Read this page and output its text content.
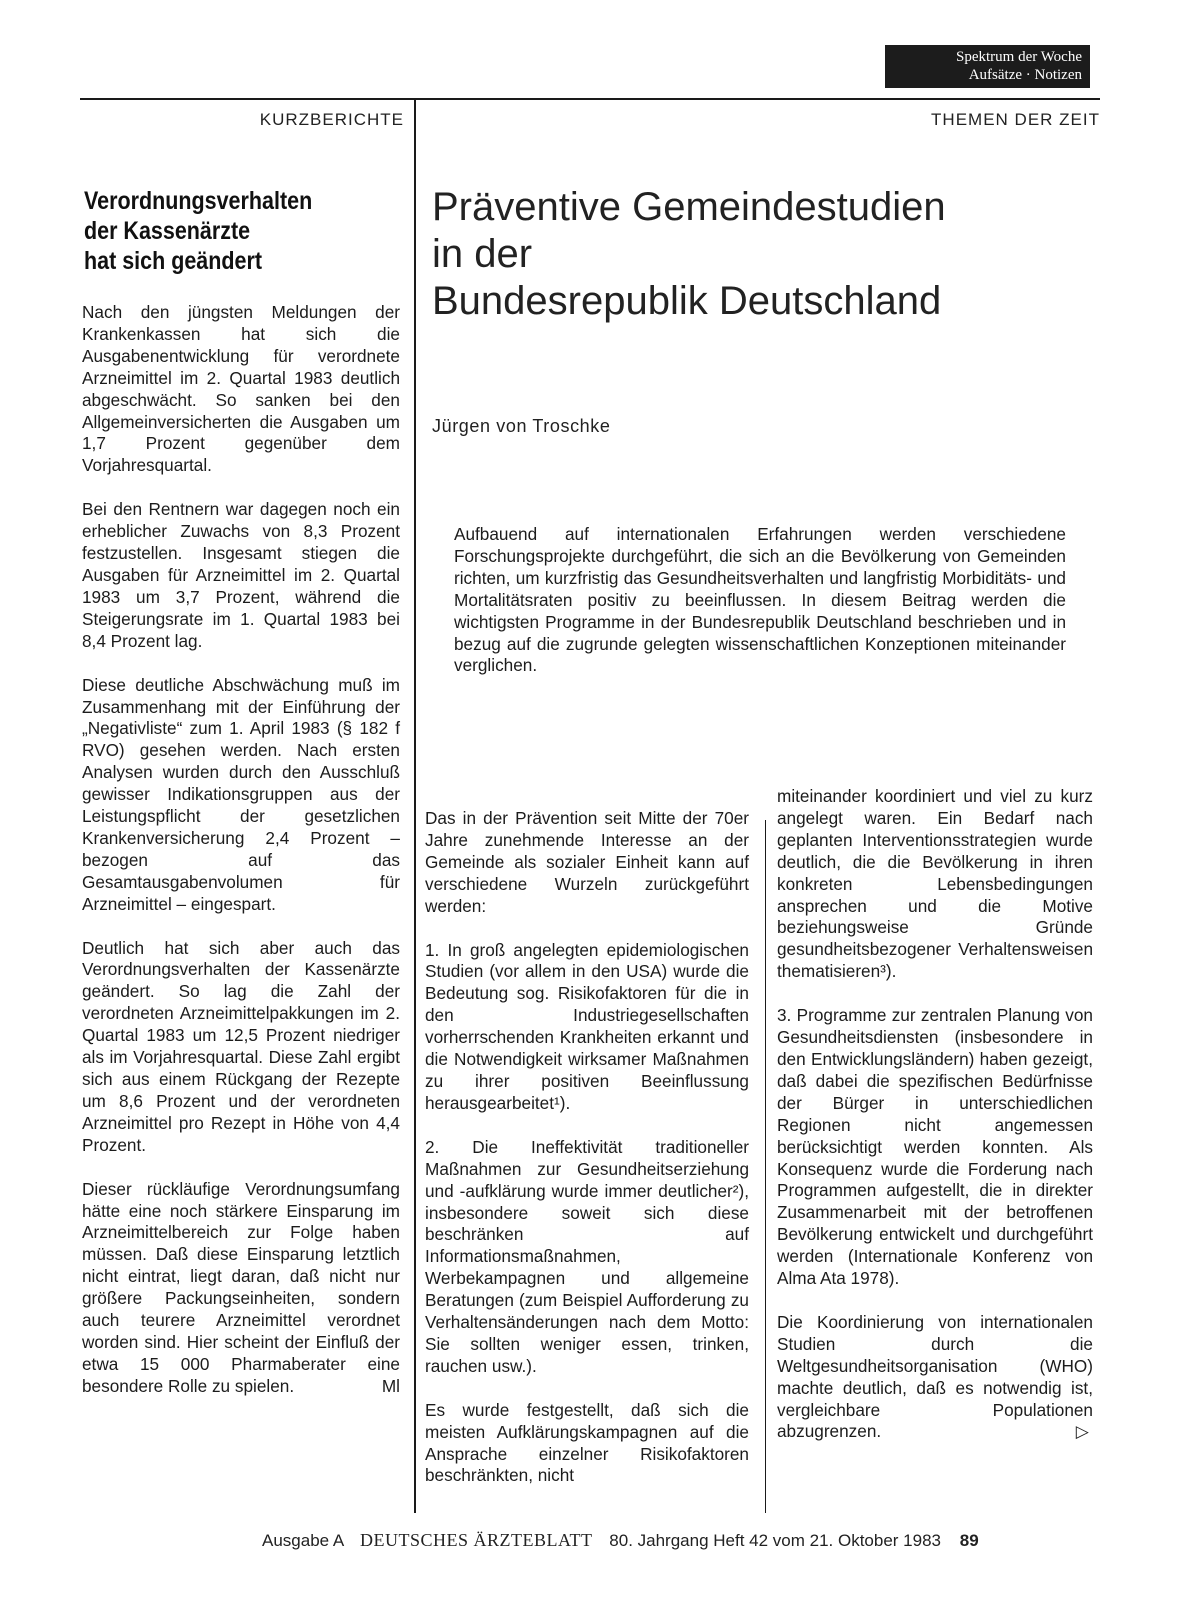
Spektrum der Woche
Aufsätze · Notizen
KURZBERICHTE	THEMEN DER ZEIT
Verordnungsverhalten
der Kassenärzte
hat sich geändert

Nach den jüngsten Meldungen der Krankenkassen hat sich die Ausgabenentwicklung für verordnete Arzneimittel im 2. Quartal 1983 deutlich abgeschwächt. So sanken bei den Allgemeinversicherten die Ausgaben um 1,7 Prozent gegenüber dem Vorjahresquartal.

Bei den Rentnern war dagegen noch ein erheblicher Zuwachs von 8,3 Prozent festzustellen. Insgesamt stiegen die Ausgaben für Arzneimittel im 2. Quartal 1983 um 3,7 Prozent, während die Steigerungsrate im 1. Quartal 1983 bei 8,4 Prozent lag.

Diese deutliche Abschwächung muß im Zusammenhang mit der Einführung der „Negativliste“ zum 1. April 1983 (§ 182 f RVO) gesehen werden. Nach ersten Analysen wurden durch den Ausschluß gewisser Indikationsgruppen aus der Leistungspflicht der gesetzlichen Krankenversicherung 2,4 Prozent – bezogen auf das Gesamtausgabenvolumen für Arzneimittel – eingespart.

Deutlich hat sich aber auch das Verordnungsverhalten der Kassenärzte geändert. So lag die Zahl der verordneten Arzneimittelpakkungen im 2. Quartal 1983 um 12,5 Prozent niedriger als im Vorjahresquartal. Diese Zahl ergibt sich aus einem Rückgang der Rezepte um 8,6 Prozent und der verordneten Arzneimittel pro Rezept in Höhe von 4,4 Prozent.

Dieser rückläufige Verordnungsumfang hätte eine noch stärkere Einsparung im Arzneimittelbereich zur Folge haben müssen. Daß diese Einsparung letztlich nicht eintrat, liegt daran, daß nicht nur größere Packungseinheiten, sondern auch teurere Arzneimittel verordnet worden sind. Hier scheint der Einfluß der etwa 15 000 Pharmaberater eine besondere Rolle zu spielen.	Ml

Präventive Gemeindestudien
in der
Bundesrepublik Deutschland
Jürgen von Troschke
Aufbauend auf internationalen Erfahrungen werden verschiedene Forschungsprojekte durchgeführt, die sich an die Bevölkerung von Gemeinden richten, um kurzfristig das Gesundheitsverhalten und langfristig Morbiditäts- und Mortalitätsraten positiv zu beeinflussen. In diesem Beitrag werden die wichtigsten Programme in der Bundesrepublik Deutschland beschrieben und in bezug auf die zugrunde gelegten wissenschaftlichen Konzeptionen miteinander verglichen.

Das in der Prävention seit Mitte der 70er Jahre zunehmende Interesse an der Gemeinde als sozialer Einheit kann auf verschiedene Wurzeln zurückgeführt werden:

1. In groß angelegten epidemiologischen Studien (vor allem in den USA) wurde die Bedeutung sog. Risikofaktoren für die in den Industriegesellschaften vorherrschenden Krankheiten erkannt und die Notwendigkeit wirksamer Maßnahmen zu ihrer positiven Beeinflussung herausgearbeitet¹).

2. Die Ineffektivität traditioneller Maßnahmen zur Gesundheitserziehung und -aufklärung wurde immer deutlicher²), insbesondere soweit sich diese beschränken auf Informationsmaßnahmen, Werbekampagnen und allgemeine Beratungen (zum Beispiel Aufforderung zu Verhaltensänderungen nach dem Motto: Sie sollten weniger essen, trinken, rauchen usw.).

Es wurde festgestellt, daß sich die meisten Aufklärungskampagnen auf die Ansprache einzelner Risikofaktoren beschränkten, nicht

miteinander koordiniert und viel zu kurz angelegt waren. Ein Bedarf nach geplanten Interventionsstrategien wurde deutlich, die die Bevölkerung in ihren konkreten Lebensbedingungen ansprechen und die Motive beziehungsweise Gründe gesundheitsbezogener Verhaltensweisen thematisieren³).

3. Programme zur zentralen Planung von Gesundheitsdiensten (insbesondere in den Entwicklungsländern) haben gezeigt, daß dabei die spezifischen Bedürfnisse der Bürger in unterschiedlichen Regionen nicht angemessen berücksichtigt werden konnten. Als Konsequenz wurde die Forderung nach Programmen aufgestellt, die in direkter Zusammenarbeit mit der betroffenen Bevölkerung entwickelt und durchgeführt werden (Internationale Konferenz von Alma Ata 1978).

Die Koordinierung von internationalen Studien durch die Weltgesundheitsorganisation (WHO) machte deutlich, daß es notwendig ist, vergleichbare Populationen abzugrenzen.	▷

Ausgabe A DEUTSCHES ÄRZTEBLATT 80. Jahrgang Heft 42 vom 21. Oktober 1983 89
